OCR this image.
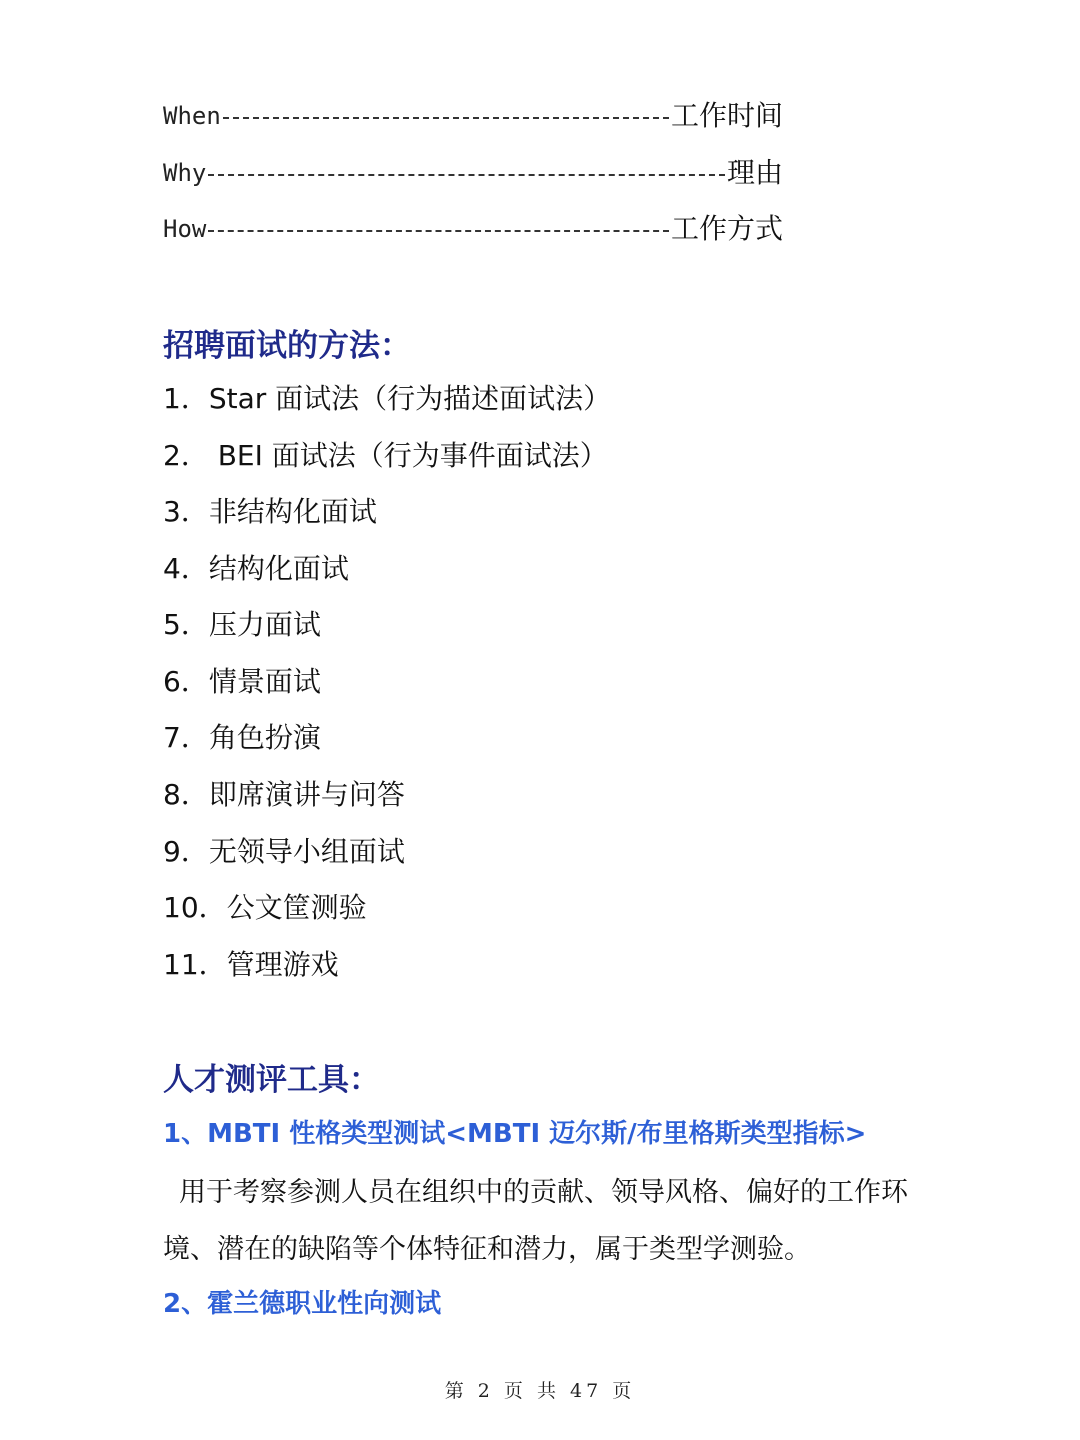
When	工作时间
Why	理由
How	工作方式
招聘面试的方法：
1．Star 面试法（行为描述面试法）
2． BEI 面试法（行为事件面试法）
3．非结构化面试
4．结构化面试
5．压力面试
6．情景面试
7．角色扮演
8．即席演讲与问答
9．无领导小组面试
10．公文筐测验
11．管理游戏
人才测评工具：
1、MBTI 性格类型测试<MBTI 迈尔斯/布里格斯类型指标>
用于考察参测人员在组织中的贡献、领导风格、偏好的工作环境、潜在的缺陷等个体特征和潜力，属于类型学测验。
2、霍兰德职业性向测试
第 2 页 共 47 页
